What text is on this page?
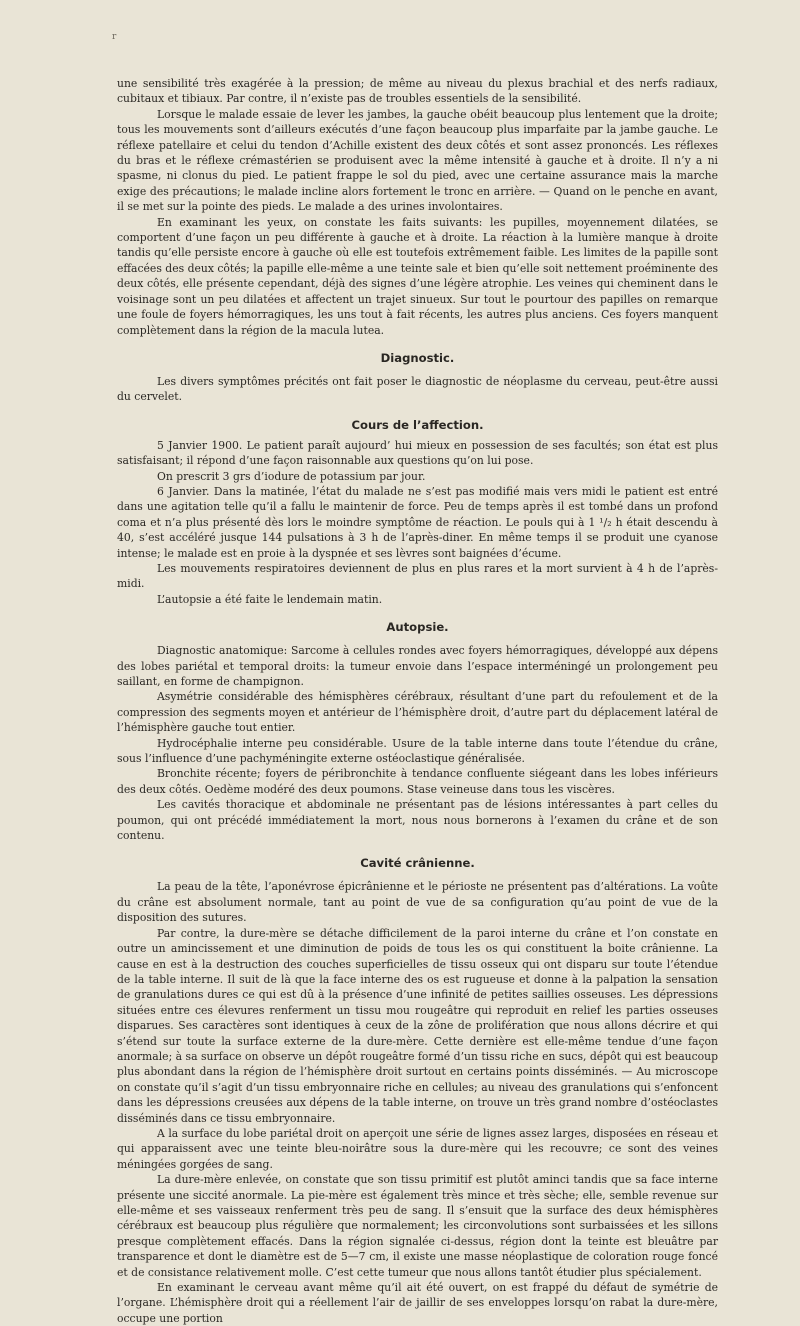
r

une sensibilité très exagérée à la pression; de même au niveau du plexus brachial et des nerfs radiaux, cubitaux et tibiaux. Par contre, il n’existe pas de troubles essentiels de la sensibilité.

Lorsque le malade essaie de lever les jambes, la gauche obéit beaucoup plus lentement que la droite; tous les mouvements sont d’ailleurs exécutés d’une façon beaucoup plus imparfaite par la jambe gauche. Le réflexe patellaire et celui du tendon d’Achille existent des deux côtés et sont assez prononcés. Les réflexes du bras et le réflexe crémastérien se produisent avec la même intensité à gauche et à droite. Il n’y a ni spasme, ni clonus du pied. Le patient frappe le sol du pied, avec une certaine assurance mais la marche exige des précautions; le malade incline alors fortement le tronc en arrière. — Quand on le penche en avant, il se met sur la pointe des pieds. Le malade a des urines involontaires.

En examinant les yeux, on constate les faits suivants: les pupilles, moyennement dilatées, se comportent d’une façon un peu différente à gauche et à droite. La réaction à la lumière manque à droite tandis qu’elle persiste encore à gauche où elle est toutefois extrêmement faible. Les limites de la papille sont effacées des deux côtés; la papille elle-même a une teinte sale et bien qu’elle soit nettement proéminente des deux côtés, elle présente cependant, déjà des signes d’une légère atrophie. Les veines qui cheminent dans le voisinage sont un peu dilatées et affectent un trajet sinueux. Sur tout le pourtour des papilles on remarque une foule de foyers hémorragiques, les uns tout à fait récents, les autres plus anciens. Ces foyers manquent complètement dans la région de la macula lutea.

Diagnostic.

Les divers symptômes précités ont fait poser le diagnostic de néoplasme du cerveau, peut-être aussi du cervelet.

Cours de l’affection.

5 Janvier 1900. Le patient paraît aujourd’ hui mieux en possession de ses facultés; son état est plus satisfaisant; il répond d’une façon raisonnable aux questions qu’on lui pose.

On prescrit 3 grs d’iodure de potassium par jour.

6 Janvier. Dans la matinée, l’état du malade ne s’est pas modifié mais vers midi le patient est entré dans une agitation telle qu’il a fallu le maintenir de force. Peu de temps après il est tombé dans un profond coma et n’a plus présenté dès lors le moindre symptôme de réaction. Le pouls qui à 1 ¹/₂ h était descendu à 40, s’est accéléré jusque 144 pulsations à 3 h de l’après-diner. En même temps il se produit une cyanose intense; le malade est en proie à la dyspnée et ses lèvres sont baignées d’écume.

Les mouvements respiratoires deviennent de plus en plus rares et la mort survient à 4 h de l’après-midi.

L’autopsie a été faite le lendemain matin.

Autopsie.

Diagnostic anatomique: Sarcome à cellules rondes avec foyers hémorragiques, développé aux dépens des lobes pariétal et temporal droits: la tumeur envoie dans l’espace interméningé un prolongement peu saillant, en forme de champignon.

Asymétrie considérable des hémisphères cérébraux, résultant d’une part du refoulement et de la compression des segments moyen et antérieur de l’hémisphère droit, d’autre part du déplacement latéral de l’hémisphère gauche tout entier.

Hydrocéphalie interne peu considérable. Usure de la table interne dans toute l’étendue du crâne, sous l’influence d’une pachyméningite externe ostéoclastique généralisée.

Bronchite récente; foyers de péribronchite à tendance confluente siégeant dans les lobes inférieurs des deux côtés. Oedème modéré des deux poumons. Stase veineuse dans tous les viscères.

Les cavités thoracique et abdominale ne présentant pas de lésions intéressantes à part celles du poumon, qui ont précédé immédiatement la mort, nous nous bornerons à l’examen du crâne et de son contenu.

Cavité crânienne.

La peau de la tête, l’aponévrose épicrânienne et le périoste ne présentent pas d’altérations. La voûte du crâne est absolument normale, tant au point de vue de sa configuration qu’au point de vue de la disposition des sutures.

Par contre, la dure-mère se détache difficilement de la paroi interne du crâne et l’on constate en outre un amincissement et une diminution de poids de tous les os qui constituent la boite crânienne. La cause en est à la destruction des couches superficielles de tissu osseux qui ont disparu sur toute l’étendue de la table interne. Il suit de là que la face interne des os est rugueuse et donne à la palpation la sensation de granulations dures ce qui est dû à la présence d’une infinité de petites saillies osseuses. Les dépressions situées entre ces élevures renferment un tissu mou rougeâtre qui reproduit en relief les parties osseuses disparues. Ses caractères sont identiques à ceux de la zône de prolifération que nous allons décrire et qui s’étend sur toute la surface externe de la dure-mère. Cette dernière est elle-même tendue d’une façon anormale; à sa surface on observe un dépôt rougeâtre formé d’un tissu riche en sucs, dépôt qui est beaucoup plus abondant dans la région de l’hémisphère droit surtout en certains points disséminés. — Au microscope on constate qu’il s’agit d’un tissu embryonnaire riche en cellules; au niveau des granulations qui s’enfoncent dans les dépressions creusées aux dépens de la table interne, on trouve un très grand nombre d’ostéoclastes disséminés dans ce tissu embryonnaire.

A la surface du lobe pariétal droit on aperçoit une série de lignes assez larges, disposées en réseau et qui apparaissent avec une teinte bleu-noirâtre sous la dure-mère qui les recouvre; ce sont des veines méningées gorgées de sang.

La dure-mère enlevée, on constate que son tissu primitif est plutôt aminci tandis que sa face interne présente une siccité anormale. La pie-mère est également très mince et très sèche; elle, semble revenue sur elle-même et ses vaisseaux renferment très peu de sang. Il s’ensuit que la surface des deux hémisphères cérébraux est beaucoup plus régulière que normalement; les circonvolutions sont surbaissées et les sillons presque complètement effacés. Dans la région signalée ci-dessus, région dont la teinte est bleuâtre par transparence et dont le diamètre est de 5—7 cm, il existe une masse néoplastique de coloration rouge foncé et de consistance relativement molle. C’est cette tumeur que nous allons tantôt étudier plus spécialement.

En examinant le cerveau avant même qu’il ait été ouvert, on est frappé du défaut de symétrie de l’organe. L’hémisphère droit qui a réellement l’air de jaillir de ses enveloppes lorsqu’on rabat la dure-mère, occupe une portion
